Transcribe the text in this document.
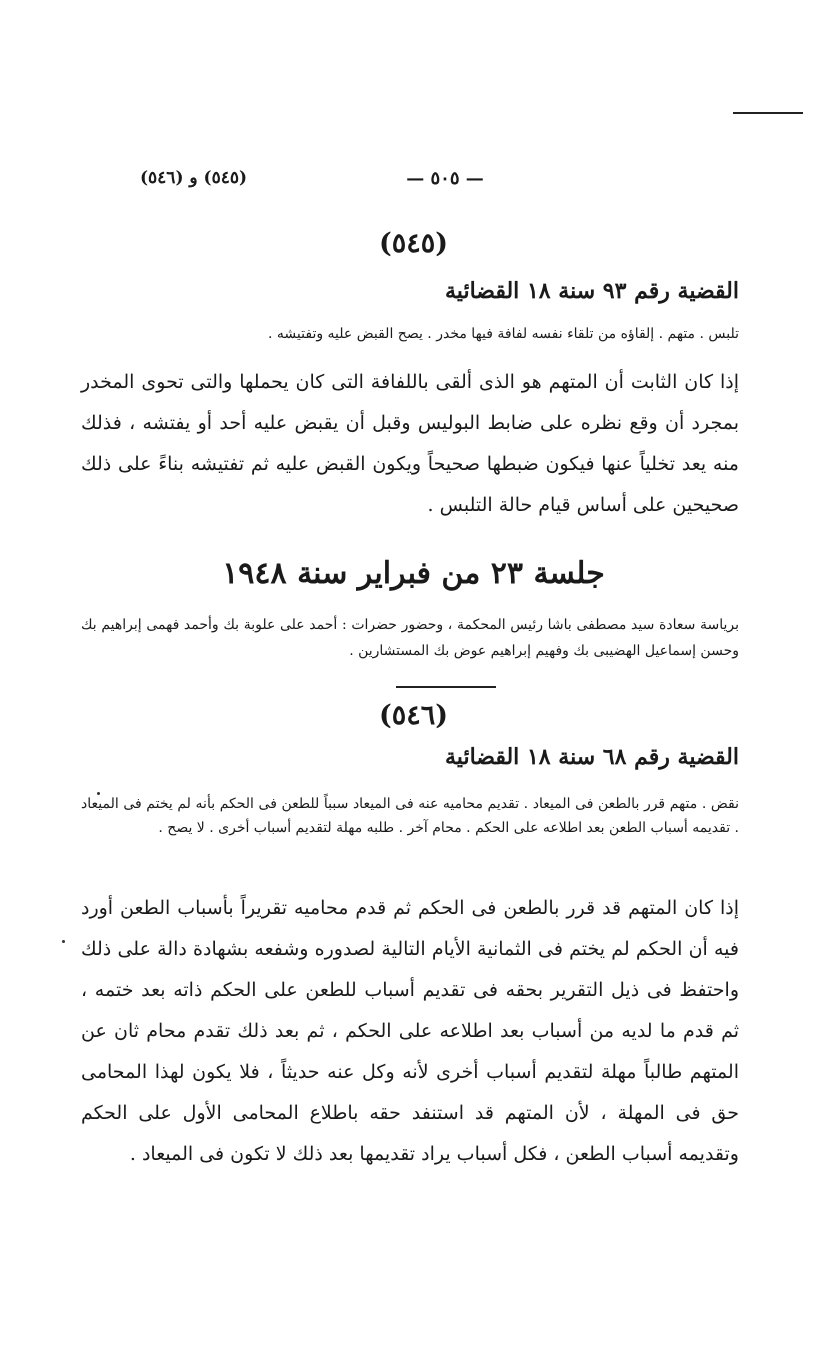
(٥٤٥) و (٥٤٦)	— ٥٠٥ —
(٥٤٥)
القضية رقم ٩٣ سنة ١٨ القضائية
تلبس . متهم . إلقاؤه من تلقاء نفسه لفافة فيها مخدر . يصح القبض عليه وتفتيشه .
إذا كان الثابت أن المتهم هو الذى ألقى باللفافة التى كان يحملها والتى تحوى المخدر بمجرد أن وقع نظره على ضابط البوليس وقبل أن يقبض عليه أحد أو يفتشه ، فذلك منه يعد تخلياً عنها فيكون ضبطها صحيحاً ويكون القبض عليه ثم تفتيشه بناءً على ذلك صحيحين على أساس قيام حالة التلبس .
جلسة ٢٣ من فبراير سنة ١٩٤٨
برياسة سعادة سيد مصطفى باشا رئيس المحكمة ، وحضور حضرات : أحمد على علوبة بك وأحمد فهمى إبراهيم بك وحسن إسماعيل الهضيبى بك وفهيم إبراهيم عوض بك المستشارين .
(٥٤٦)
القضية رقم ٦٨ سنة ١٨ القضائية
نقض . متهم قرر بالطعن فى الميعاد . تقديم محاميه عنه فى الميعاد سبباً للطعن فى الحكم بأنه لم يختم فى الميعاد . تقديمه أسباب الطعن بعد اطلاعه على الحكم . محام آخر . طلبه مهلة لتقديم أسباب أخرى . لا يصح .
إذا كان المتهم قد قرر بالطعن فى الحكم ثم قدم محاميه تقريراً بأسباب الطعن أورد فيه أن الحكم لم يختم فى الثمانية الأيام التالية لصدوره وشفعه بشهادة دالة على ذلك واحتفظ فى ذيل التقرير بحقه فى تقديم أسباب للطعن على الحكم ذاته بعد ختمه ، ثم قدم ما لديه من أسباب بعد اطلاعه على الحكم ، ثم بعد ذلك تقدم محام ثان عن المتهم طالباً مهلة لتقديم أسباب أخرى لأنه وكل عنه حديثاً ، فلا يكون لهذا المحامى حق فى المهلة ، لأن المتهم قد استنفد حقه باطلاع المحامى الأول على الحكم وتقديمه أسباب الطعن ، فكل أسباب يراد تقديمها بعد ذلك لا تكون فى الميعاد .
